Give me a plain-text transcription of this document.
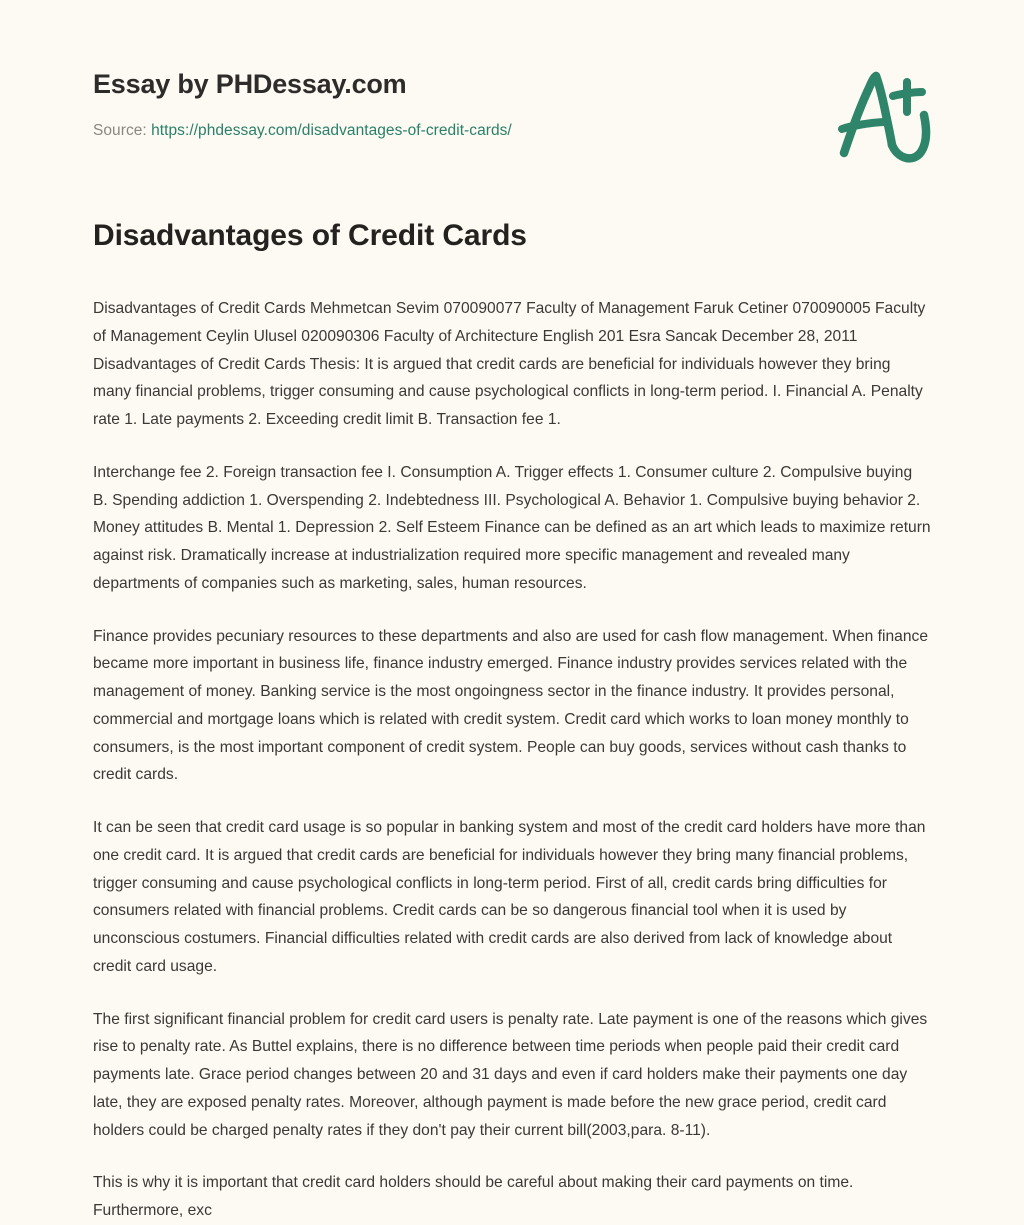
Essay by PHDessay.com

Source: https://phdessay.com/disadvantages-of-credit-cards/

Disadvantages of Credit Cards

Disadvantages of Credit Cards Mehmetcan Sevim 070090077 Faculty of Management Faruk Cetiner 070090005 Faculty of Management Ceylin Ulusel 020090306 Faculty of Architecture English 201 Esra Sancak December 28, 2011 Disadvantages of Credit Cards Thesis: It is argued that credit cards are beneficial for individuals however they bring many financial problems, trigger consuming and cause psychological conflicts in long-term period. I. Financial A. Penalty rate 1. Late payments 2. Exceeding credit limit B. Transaction fee 1.

Interchange fee 2. Foreign transaction fee I. Consumption A. Trigger effects 1. Consumer culture 2. Compulsive buying B. Spending addiction 1. Overspending 2. Indebtedness III. Psychological A. Behavior 1. Compulsive buying behavior 2. Money attitudes B. Mental 1. Depression 2. Self Esteem Finance can be defined as an art which leads to maximize return against risk. Dramatically increase at industrialization required more specific management and revealed many departments of companies such as marketing, sales, human resources.

Finance provides pecuniary resources to these departments and also are used for cash flow management. When finance became more important in business life, finance industry emerged. Finance industry provides services related with the management of money. Banking service is the most ongoingness sector in the finance industry. It provides personal, commercial and mortgage loans which is related with credit system. Credit card which works to loan money monthly to consumers, is the most important component of credit system. People can buy goods, services without cash thanks to credit cards.

It can be seen that credit card usage is so popular in banking system and most of the credit card holders have more than one credit card. It is argued that credit cards are beneficial for individuals however they bring many financial problems, trigger consuming and cause psychological conflicts in long-term period. First of all, credit cards bring difficulties for consumers related with financial problems. Credit cards can be so dangerous financial tool when it is used by unconscious costumers. Financial difficulties related with credit cards are also derived from lack of knowledge about credit card usage.

The first significant financial problem for credit card users is penalty rate. Late payment is one of the reasons which gives rise to penalty rate. As Buttel explains, there is no difference between time periods when people paid their credit card payments late. Grace period changes between 20 and 31 days and even if card holders make their payments one day late, they are exposed penalty rates. Moreover, although payment is made before the new grace period, credit card holders could be charged penalty rates if they don't pay their current bill(2003,para. 8-11).

This is why it is important that credit card holders should be careful about making their card payments on time. Furthermore, exc
